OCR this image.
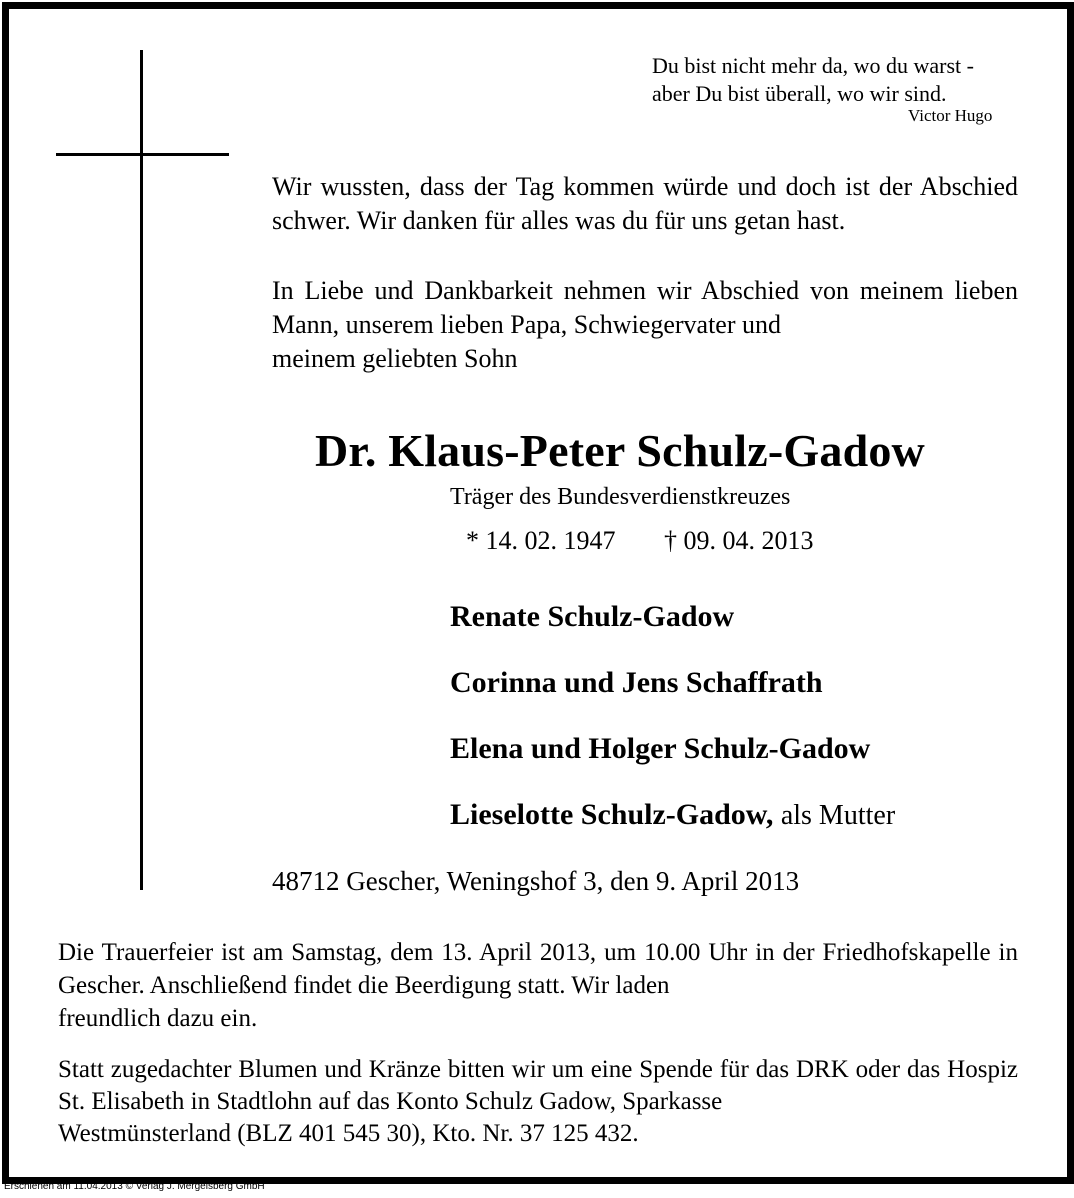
Du bist nicht mehr da, wo du warst -
aber Du bist überall, wo wir sind.
Victor Hugo
Wir wussten, dass der Tag kommen würde und doch ist der Abschied schwer. Wir danken für alles was du für uns getan hast.
In Liebe und Dankbarkeit nehmen wir Abschied von meinem lieben Mann, unserem lieben Papa, Schwiegervater und
meinem geliebten Sohn
Dr. Klaus-Peter Schulz-Gadow
Träger des Bundesverdienstkreuzes
* 14. 02. 1947 † 09. 04. 2013
Renate Schulz-Gadow
Corinna und Jens Schaffrath
Elena und Holger Schulz-Gadow
Lieselotte Schulz-Gadow, als Mutter
48712 Gescher, Weningshof 3, den 9. April 2013
Die Trauerfeier ist am Samstag, dem 13. April 2013, um 10.00 Uhr in der Friedhofskapelle in Gescher. Anschließend findet die Beerdigung statt. Wir laden
freundlich dazu ein.
Statt zugedachter Blumen und Kränze bitten wir um eine Spende für das DRK oder das Hospiz St. Elisabeth in Stadtlohn auf das Konto Schulz Gadow, Sparkasse
Westmünsterland (BLZ 401 545 30), Kto. Nr. 37 125 432.
Erschienen am 11.04.2013 © Verlag J. Mergelsberg GmbH
